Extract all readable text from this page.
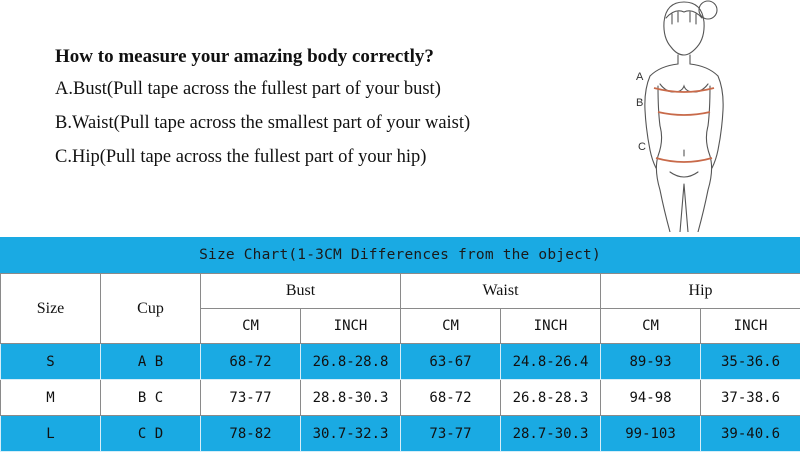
How to measure your amazing body correctly?
A.Bust(Pull tape across the fullest part of your bust)
B.Waist(Pull tape across the smallest part of your waist)
C.Hip(Pull tape across the fullest part of your hip)
A
B
C
Size Chart(1-3CM Differences from the object)
Size	Cup	Bust		Waist		Hip	
		CM	INCH	CM	INCH	CM	INCH
S	A B	68-72	26.8-28.8	63-67	24.8-26.4	89-93	35-36.6
M	B C	73-77	28.8-30.3	68-72	26.8-28.3	94-98	37-38.6
L	C D	78-82	30.7-32.3	73-77	28.7-30.3	99-103	39-40.6
